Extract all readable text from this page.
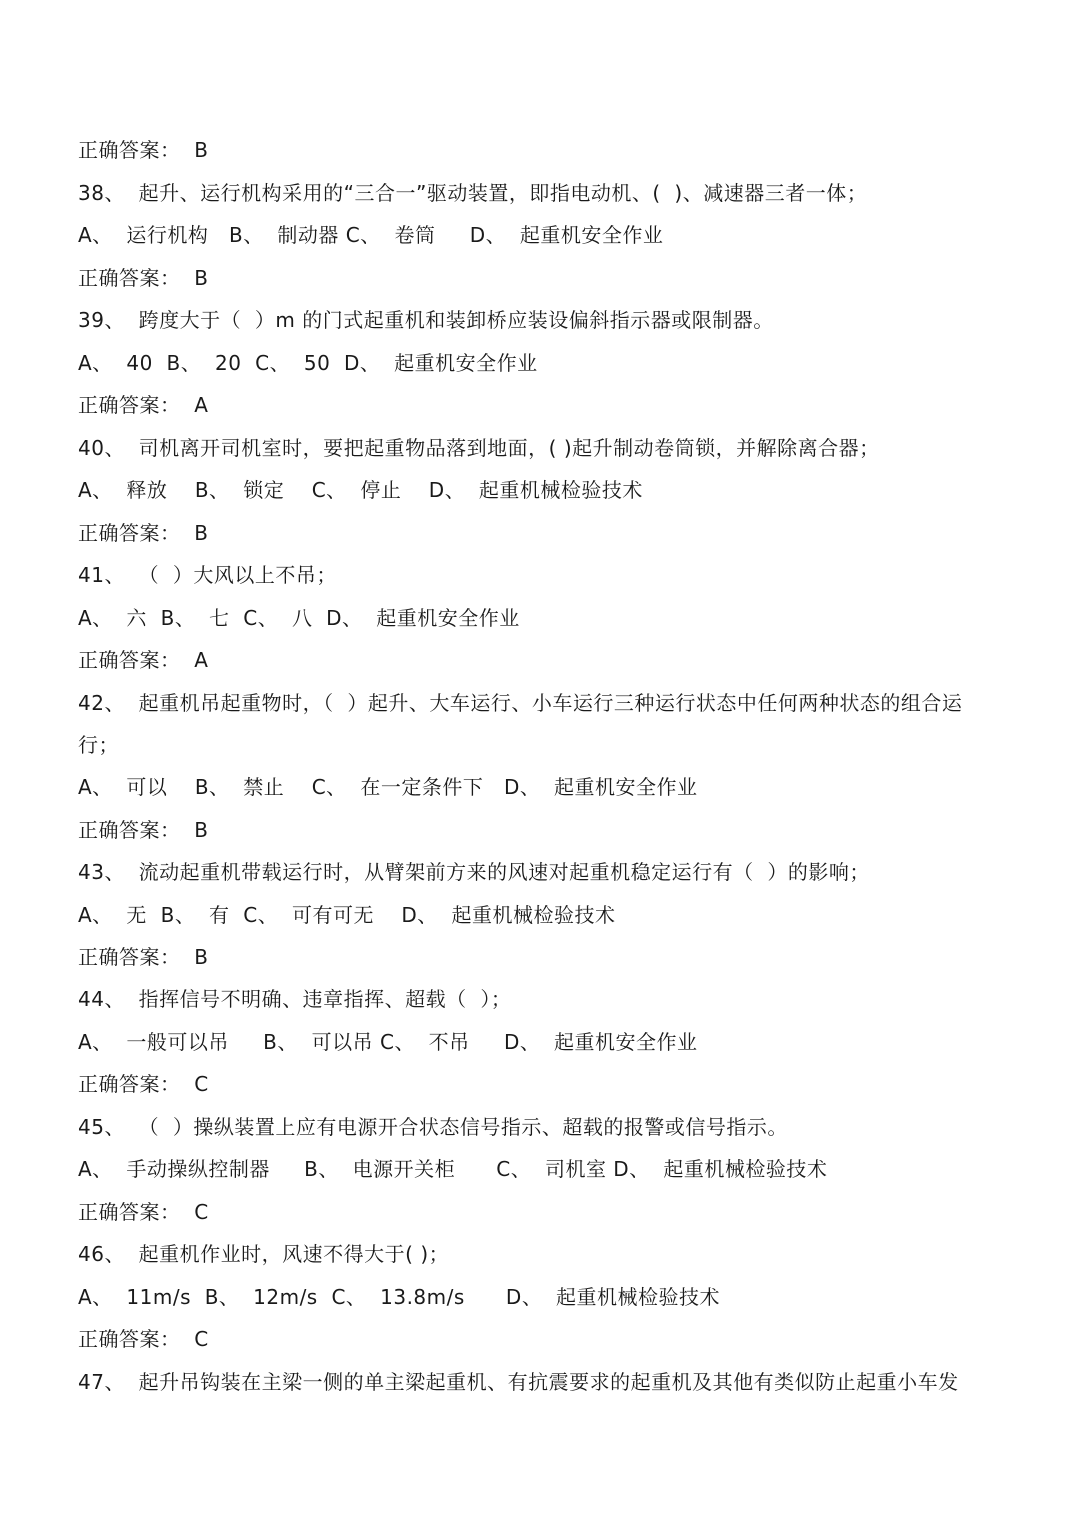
正确答案：  B
38、  起升、运行机构采用的“三合一”驱动装置，即指电动机、(  )、减速器三者一体；
A、  运行机构   B、  制动器 C、  卷筒     D、  起重机安全作业
正确答案：  B
39、  跨度大于（  ）m 的门式起重机和装卸桥应装设偏斜指示器或限制器。
A、  40  B、  20  C、  50  D、  起重机安全作业
正确答案：  A
40、  司机离开司机室时，要把起重物品落到地面，( )起升制动卷筒锁，并解除离合器；
A、  释放    B、  锁定    C、  停止    D、  起重机械检验技术
正确答案：  B
41、  （  ）大风以上不吊；
A、  六  B、  七  C、  八  D、  起重机安全作业
正确答案：  A
42、  起重机吊起重物时，（  ）起升、大车运行、小车运行三种运行状态中任何两种状态的组合运
行；
A、  可以    B、  禁止    C、  在一定条件下   D、  起重机安全作业
正确答案：  B
43、  流动起重机带载运行时，从臂架前方来的风速对起重机稳定运行有（  ）的影响；
A、  无  B、  有  C、  可有可无    D、  起重机械检验技术
正确答案：  B
44、  指挥信号不明确、违章指挥、超载（  ）；
A、  一般可以吊     B、  可以吊 C、  不吊     D、  起重机安全作业
正确答案：  C
45、  （  ）操纵装置上应有电源开合状态信号指示、超载的报警或信号指示。
A、  手动操纵控制器     B、  电源开关柜      C、  司机室 D、  起重机械检验技术
正确答案：  C
46、  起重机作业时，风速不得大于( )；
A、  11m/s  B、  12m/s  C、  13.8m/s      D、  起重机械检验技术
正确答案：  C
47、  起升吊钩装在主梁一侧的单主梁起重机、有抗震要求的起重机及其他有类似防止起重小车发
